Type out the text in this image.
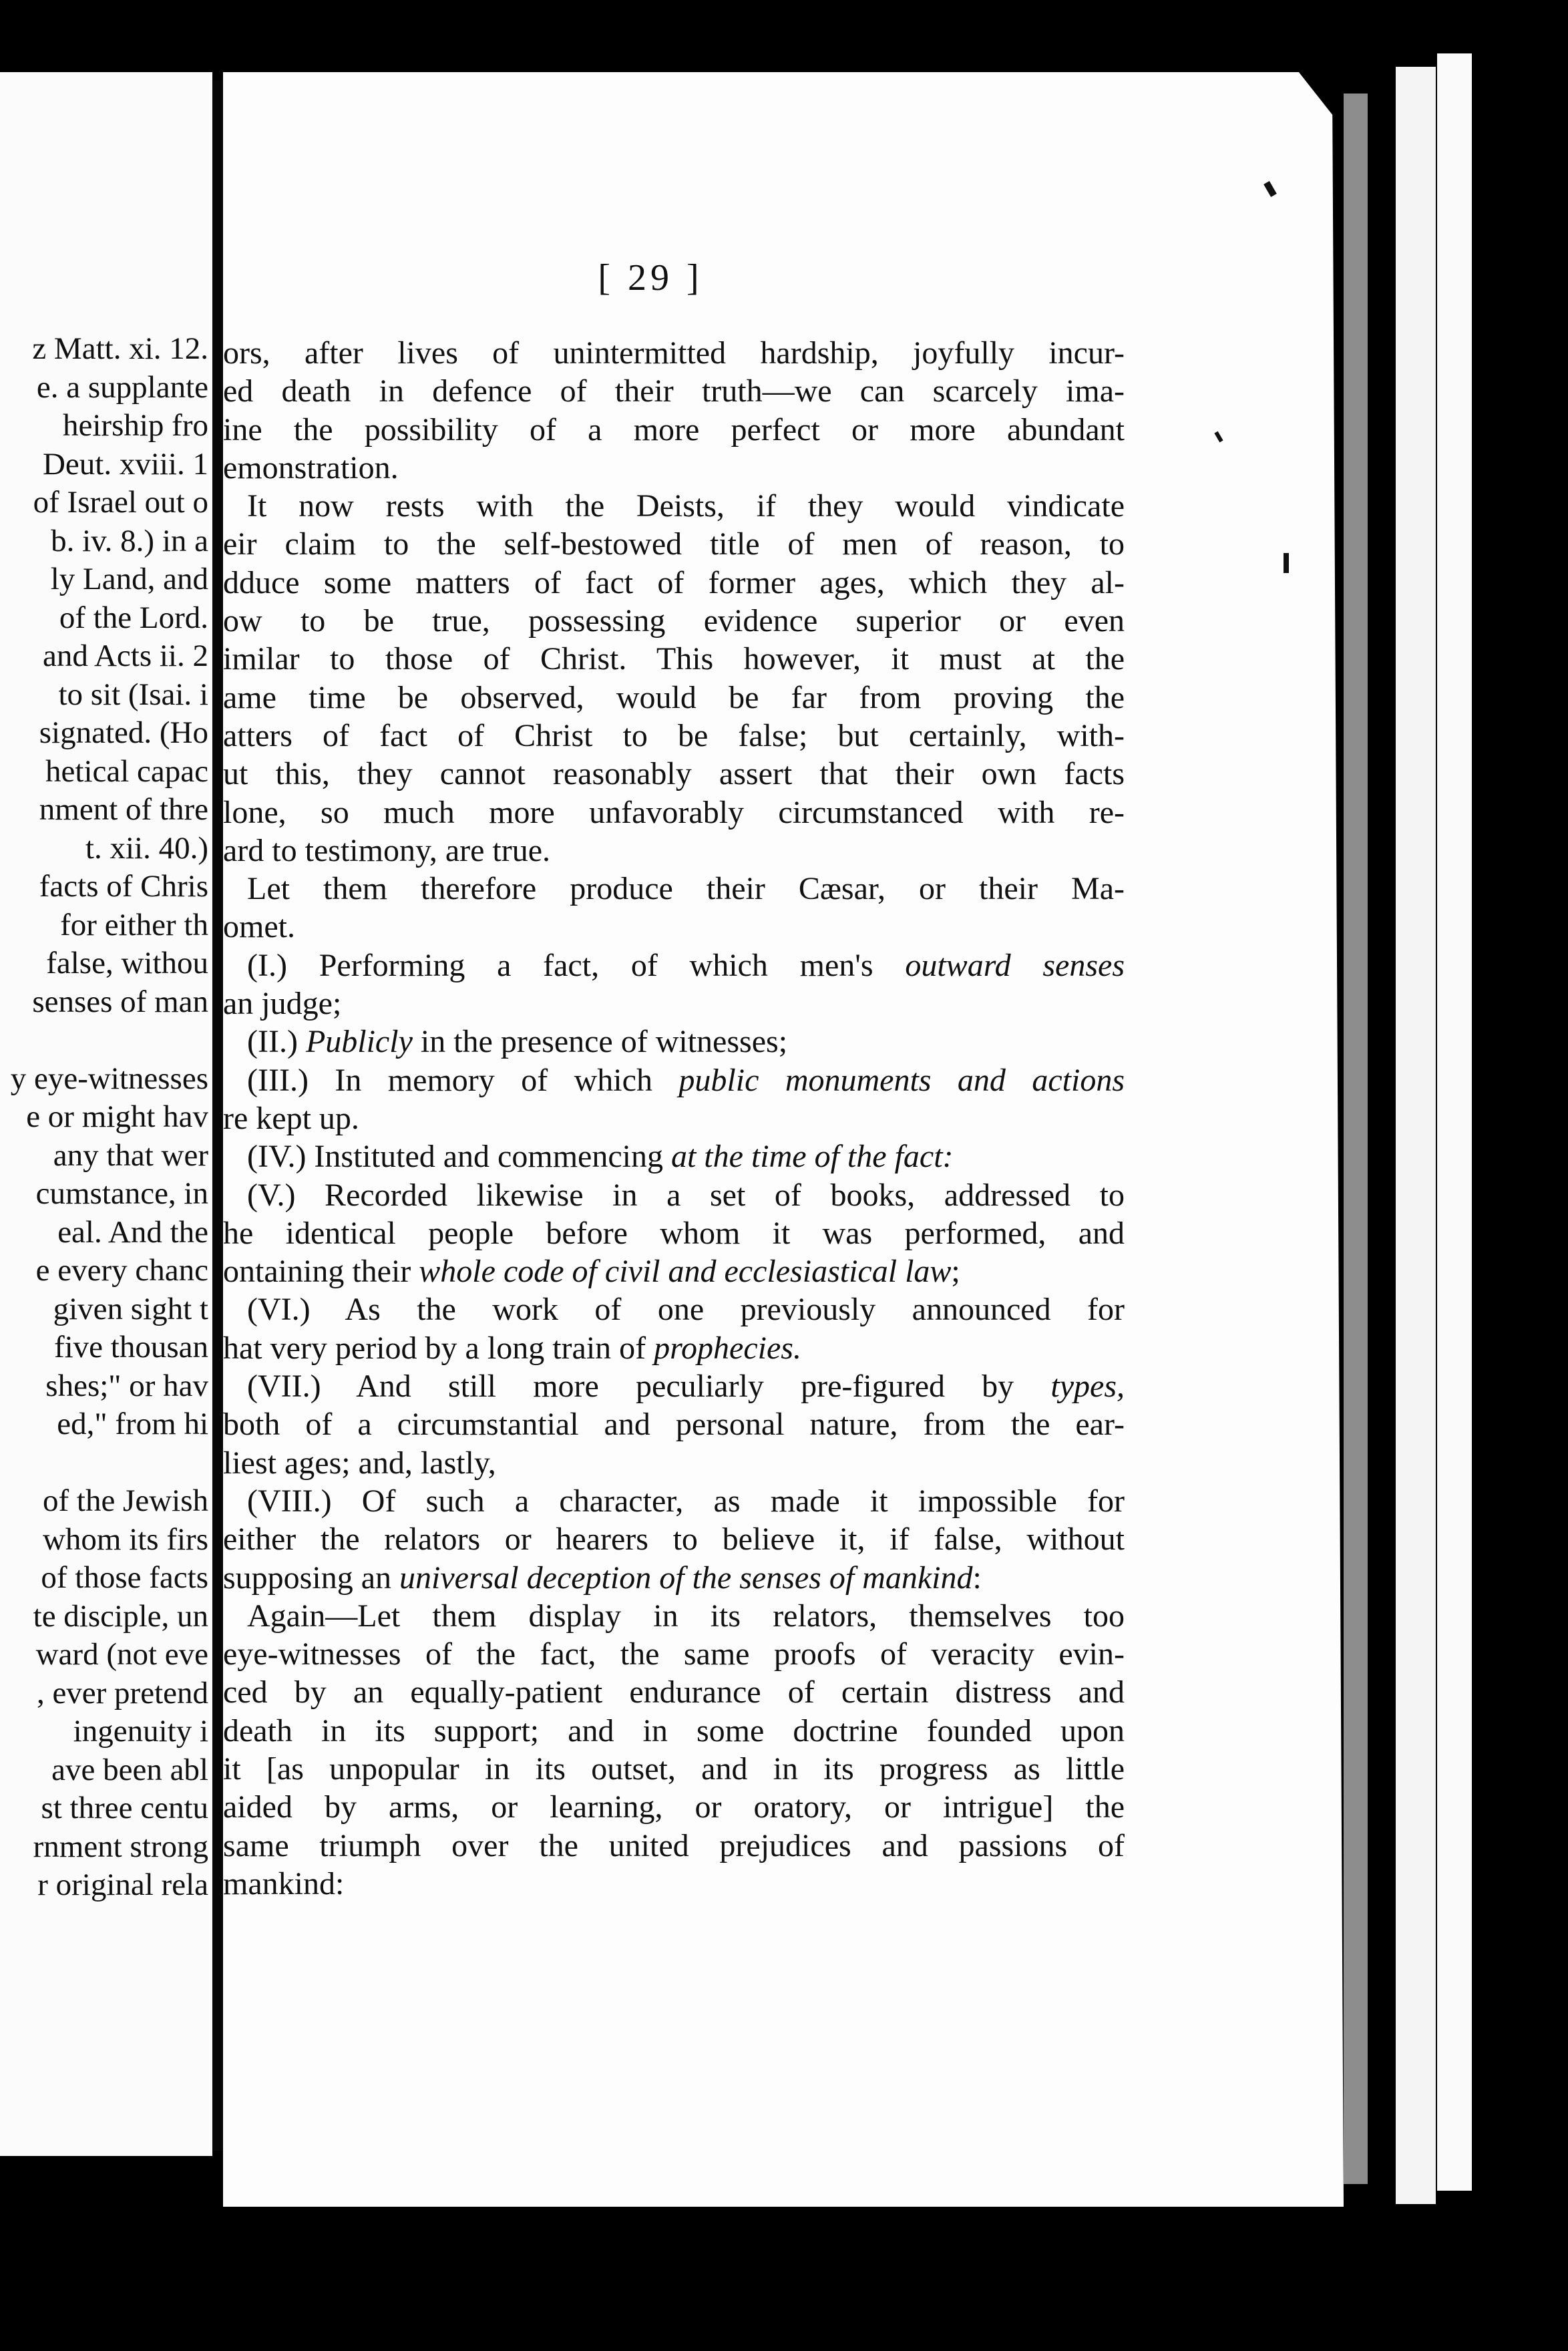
z Matt. xi. 12.
e. a supplante
heirship fro
Deut. xviii. 1
of Israel out o
b. iv. 8.) in a
ly Land, and
of the Lord.
and Acts ii. 2
to sit (Isai. i
signated. (Ho
hetical capac
nment of thre
t. xii. 40.)
facts of Chris
for either th
false, withou
senses of man

y eye-witnesses
e or might hav
any that wer
cumstance, in
eal. And the
e every chanc
given sight t
five thousan
shes;" or hav
ed," from hi

of the Jewish
whom its firs
of those facts
te disciple, un
ward (not eve
, ever pretend
ingenuity i
ave been abl
st three centu
rnment strong
r original rela
[ 29 ]
ors, after lives of unintermitted hardship, joyfully incur-
ed death in defence of their truth—we can scarcely ima-
ine the possibility of a more perfect or more abundant
emonstration.
It now rests with the Deists, if they would vindicate
eir claim to the self-bestowed title of men of reason, to
dduce some matters of fact of former ages, which they al-
ow to be true, possessing evidence superior or even
imilar to those of Christ. This however, it must at the
ame time be observed, would be far from proving the
atters of fact of Christ to be false; but certainly, with-
ut this, they cannot reasonably assert that their own facts
lone, so much more unfavorably circumstanced with re-
ard to testimony, are true.
Let them therefore produce their Cæsar, or their Ma-
omet.
(I.) Performing a fact, of which men's outward senses
an judge;
(II.) Publicly in the presence of witnesses;
(III.) In memory of which public monuments and actions
re kept up.
(IV.) Instituted and commencing at the time of the fact:
(V.) Recorded likewise in a set of books, addressed to
he identical people before whom it was performed, and
ontaining their whole code of civil and ecclesiastical law;
(VI.) As the work of one previously announced for
hat very period by a long train of prophecies.
(VII.) And still more peculiarly pre-figured by types,
both of a circumstantial and personal nature, from the ear-
liest ages; and, lastly,
(VIII.) Of such a character, as made it impossible for
either the relators or hearers to believe it, if false, without
supposing an universal deception of the senses of mankind:
Again—Let them display in its relators, themselves too
eye-witnesses of the fact, the same proofs of veracity evin-
ced by an equally-patient endurance of certain distress and
death in its support; and in some doctrine founded upon
it [as unpopular in its outset, and in its progress as little
aided by arms, or learning, or oratory, or intrigue] the
same triumph over the united prejudices and passions of
mankind:
